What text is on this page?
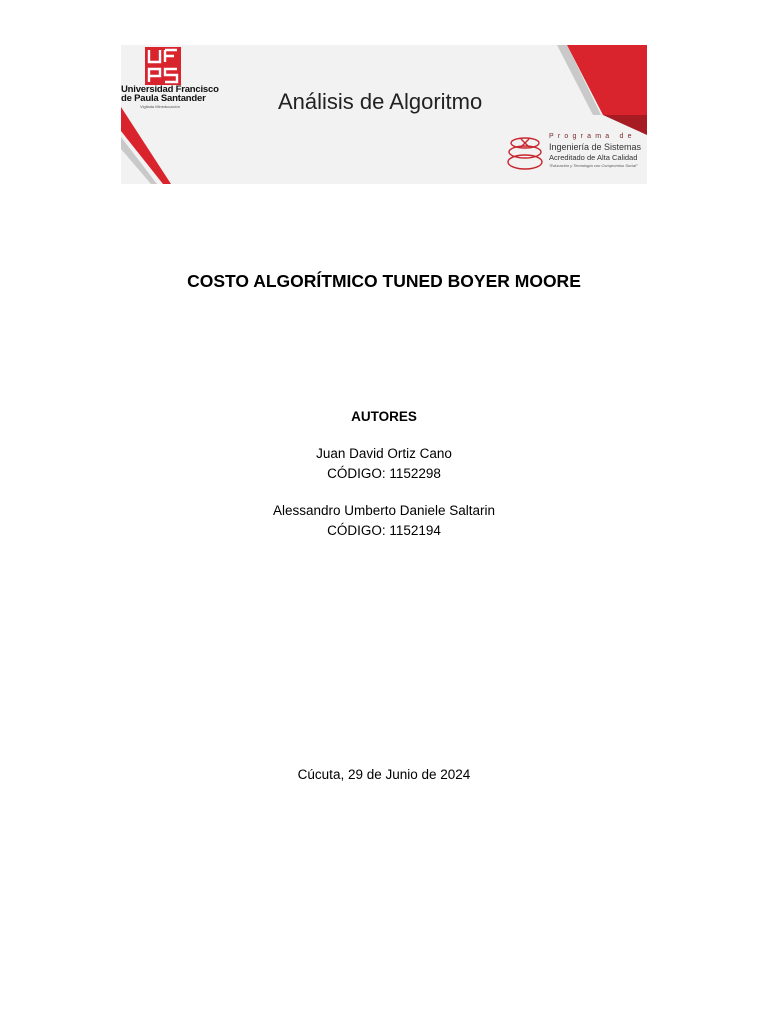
Universidad Francisco
de Paula Santander
Vigilada Mineducación	Análisis de Algoritmo
Programa de
Ingeniería de Sistemas
Acreditado de Alta Calidad
"Educación y Tecnología con Compromiso Social"
COSTO ALGORÍTMICO TUNED BOYER MOORE
AUTORES
Juan David Ortiz Cano
CÓDIGO: 1152298
Alessandro Umberto Daniele Saltarin
CÓDIGO: 1152194
Cúcuta, 29 de Junio de 2024
